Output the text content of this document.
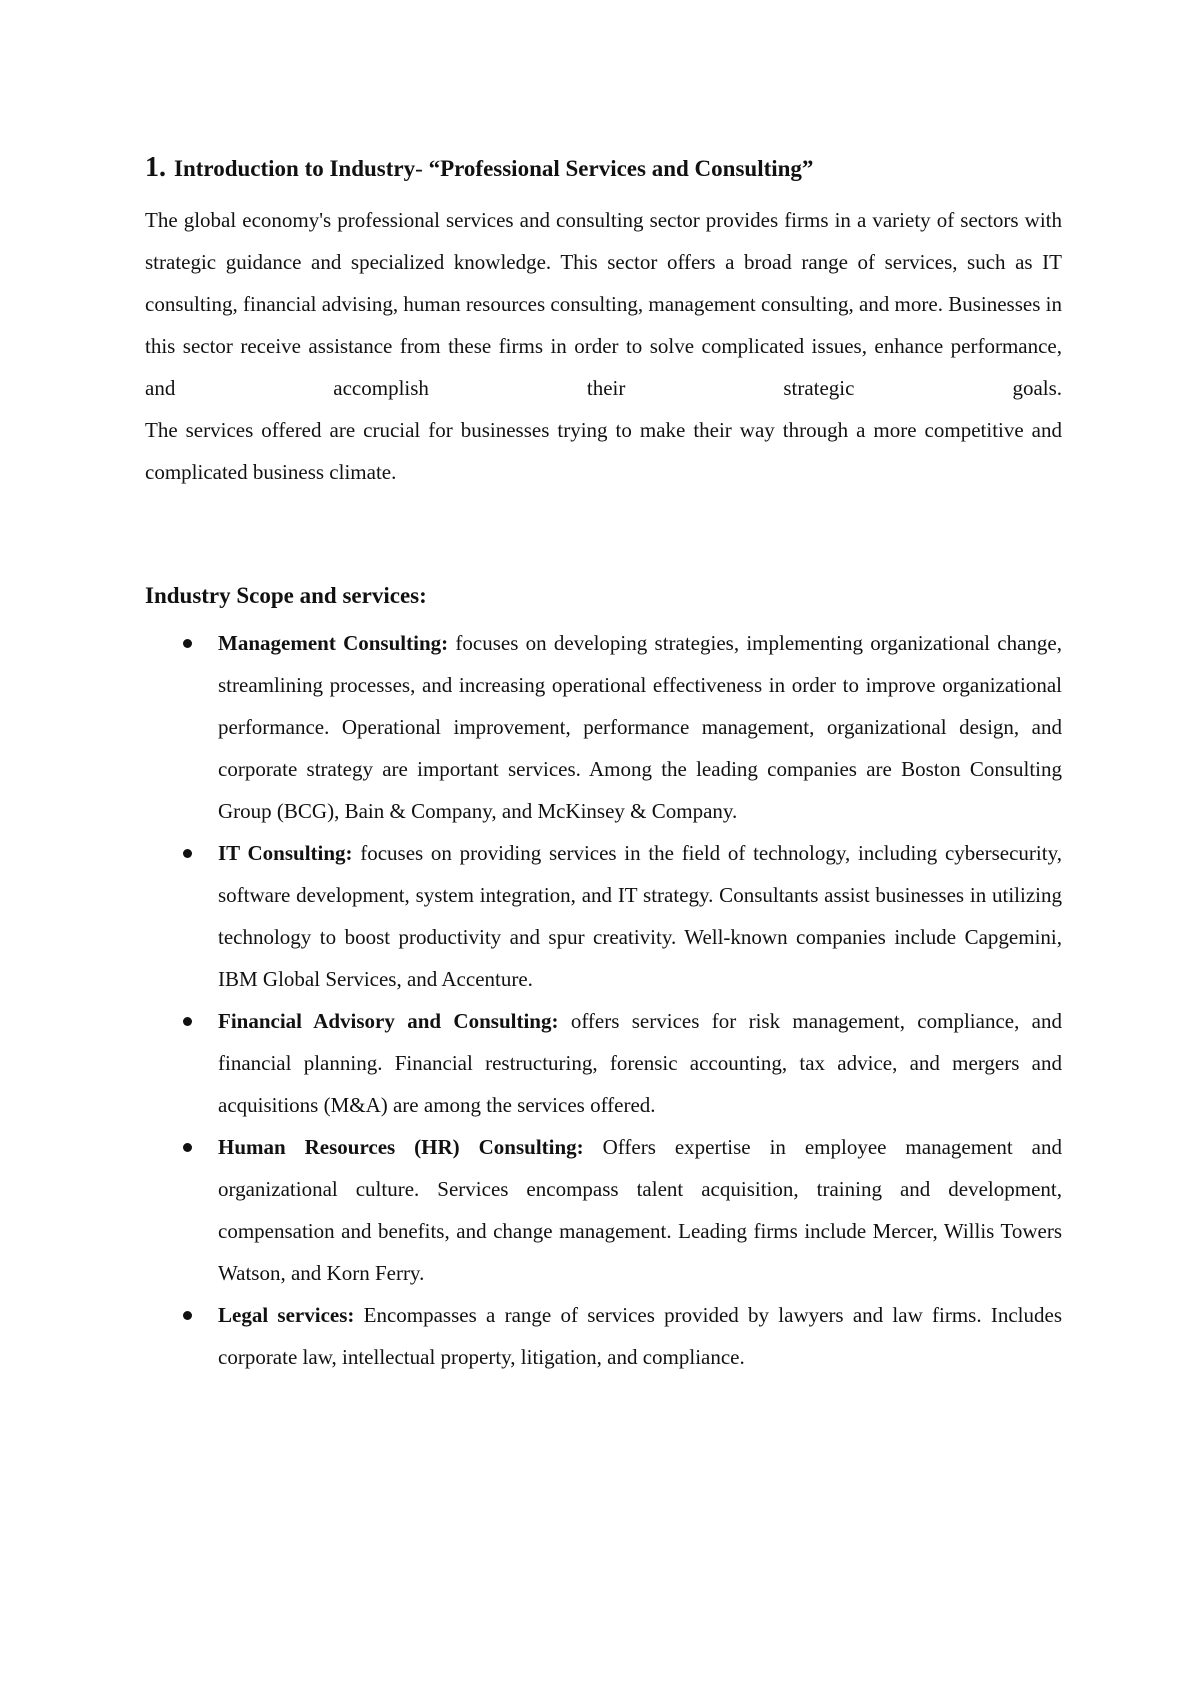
1. Introduction to Industry- “Professional Services and Consulting”

The global economy's professional services and consulting sector provides firms in a variety of sectors with strategic guidance and specialized knowledge. This sector offers a broad range of services, such as IT consulting, financial advising, human resources consulting, management consulting, and more. Businesses in this sector receive assistance from these firms in order to solve complicated issues, enhance performance, and accomplish their	strategic	goals.

The services offered are crucial for businesses trying to make their way through a more competitive and complicated business climate.

Industry Scope and services:
Management Consulting: focuses on developing strategies, implementing organizational change, streamlining processes, and increasing operational effectiveness in order to improve organizational performance. Operational improvement, performance management, organizational design, and corporate strategy are important services. Among the leading companies are Boston Consulting Group (BCG), Bain & Company, and McKinsey & Company.
IT Consulting: focuses on providing services in the field of technology, including cybersecurity, software development, system integration, and IT strategy. Consultants assist businesses in utilizing technology to boost productivity and spur creativity. Well-known companies include Capgemini, IBM Global Services, and Accenture.
Financial Advisory and Consulting: offers services for risk management, compliance, and financial planning. Financial restructuring, forensic accounting, tax advice, and mergers and acquisitions (M&A) are among the services offered.
Human Resources (HR) Consulting: Offers expertise in employee management and organizational culture. Services encompass talent acquisition, training and development, compensation and benefits, and change management. Leading firms include Mercer, Willis Towers Watson, and Korn Ferry.
Legal services: Encompasses a range of services provided by lawyers and law firms. Includes corporate law, intellectual property, litigation, and compliance.
